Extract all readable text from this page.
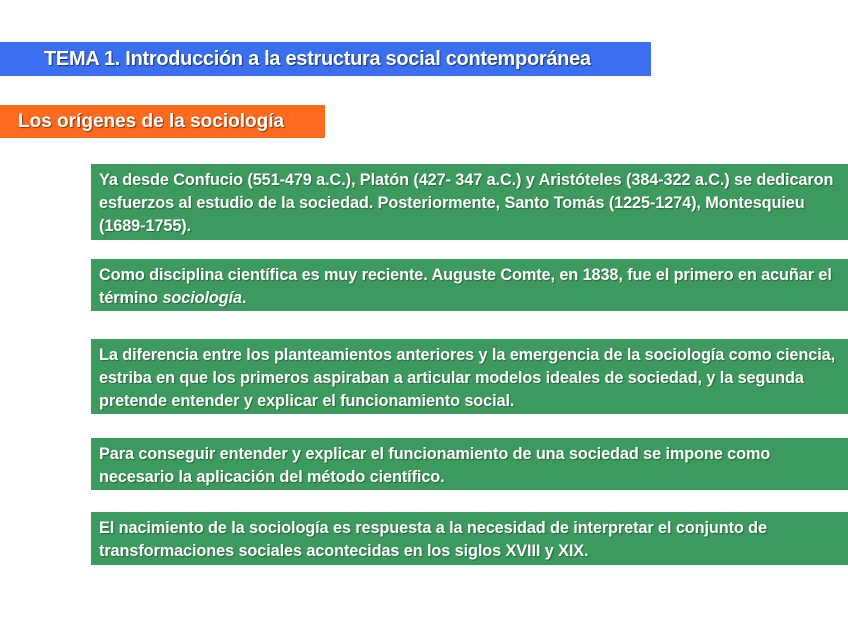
TEMA 1. Introducción a la estructura social contemporánea
Los orígenes de la sociología

Ya desde Confucio (551-479 a.C.), Platón (427- 347 a.C.) y Aristóteles (384-322 a.C.) se dedicaron esfuerzos al estudio de la sociedad. Posteriormente, Santo Tomás (1225-1274), Montesquieu (1689-1755).

Como disciplina científica es muy reciente. Auguste Comte, en 1838, fue el primero en acuñar el término sociología.

La diferencia entre los planteamientos anteriores y la emergencia de la sociología como ciencia, estriba en que los primeros aspiraban a articular modelos ideales de sociedad, y la segunda pretende entender y explicar el funcionamiento social.

Para conseguir entender y explicar el funcionamiento de una sociedad se impone como necesario la aplicación del método científico.

El nacimiento de la sociología es respuesta a la necesidad de interpretar el conjunto de transformaciones sociales acontecidas en los siglos XVIII y XIX.
